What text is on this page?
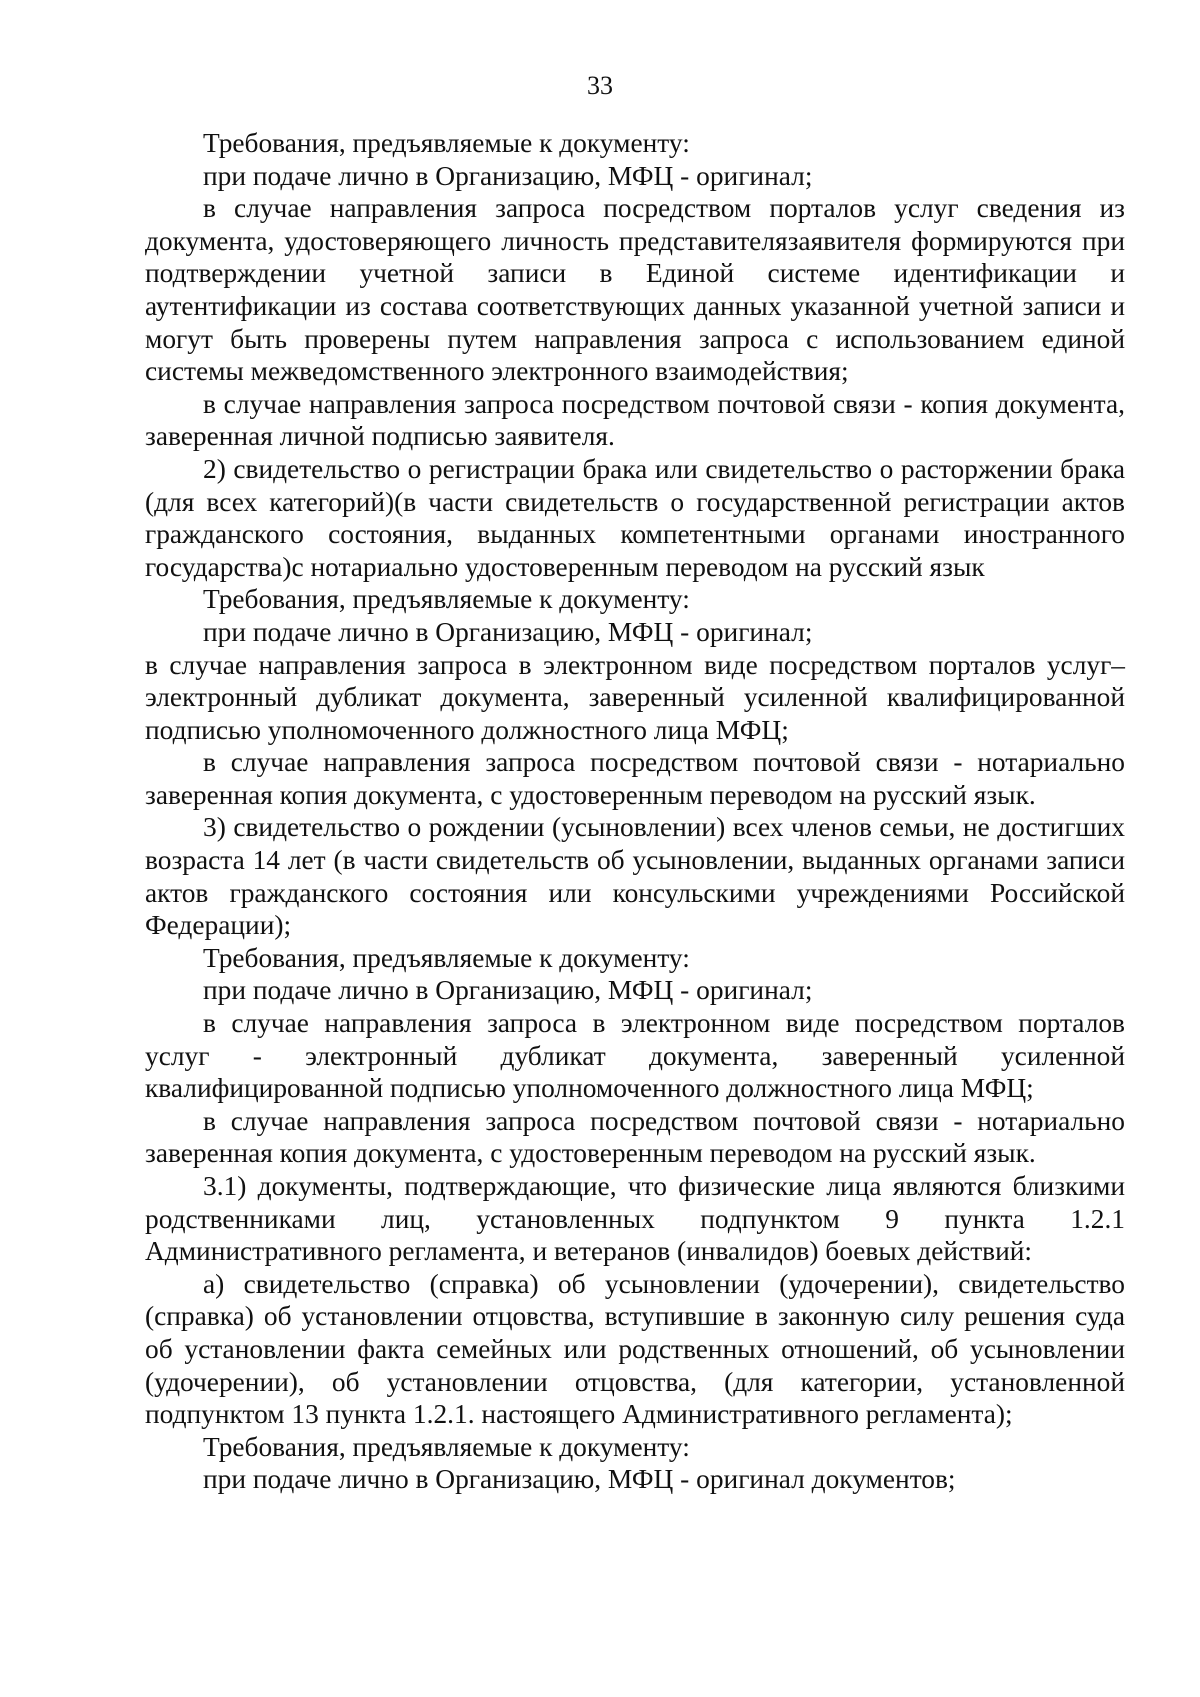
33

Требования, предъявляемые к документу:

при подаче лично в Организацию, МФЦ - оригинал;

в случае направления запроса посредством порталов услуг сведения из документа, удостоверяющего личность представителязаявителя формируются при подтверждении учетной записи в Единой системе идентификации и аутентификации из состава соответствующих данных указанной учетной записи и могут быть проверены путем направления запроса с использованием единой системы межведомственного электронного взаимодействия;

в случае направления запроса посредством почтовой связи - копия документа, заверенная личной подписью заявителя.

2) свидетельство о регистрации брака или свидетельство о расторжении брака (для всех категорий)(в части свидетельств о государственной регистрации актов гражданского состояния, выданных компетентными органами иностранного государства)с нотариально удостоверенным переводом на русский язык

Требования, предъявляемые к документу:

при подаче лично в Организацию, МФЦ - оригинал;

в случае направления запроса в электронном виде посредством порталов услуг– электронный дубликат документа, заверенный усиленной квалифицированной подписью уполномоченного должностного лица МФЦ;

в случае направления запроса посредством почтовой связи - нотариально заверенная копия документа, с удостоверенным переводом на русский язык.

3) свидетельство о рождении (усыновлении) всех членов семьи, не достигших возраста 14 лет (в части свидетельств об усыновлении, выданных органами записи актов гражданского состояния или консульскими учреждениями Российской Федерации);

Требования, предъявляемые к документу:

при подаче лично в Организацию, МФЦ - оригинал;

в случае направления запроса в электронном виде посредством порталов услуг - электронный дубликат документа, заверенный усиленной квалифицированной подписью уполномоченного должностного лица МФЦ;

в случае направления запроса посредством почтовой связи - нотариально заверенная копия документа, с удостоверенным переводом на русский язык.

3.1) документы, подтверждающие, что физические лица являются близкими родственниками лиц, установленных подпунктом 9 пункта 1.2.1 Административного регламента, и ветеранов (инвалидов) боевых действий:

а) свидетельство (справка) об усыновлении (удочерении), свидетельство (справка) об установлении отцовства, вступившие в законную силу решения суда об установлении факта семейных или родственных отношений, об усыновлении (удочерении), об установлении отцовства, (для категории, установленной подпунктом 13 пункта 1.2.1. настоящего Административного регламента);

Требования, предъявляемые к документу:

при подаче лично в Организацию, МФЦ - оригинал документов;
